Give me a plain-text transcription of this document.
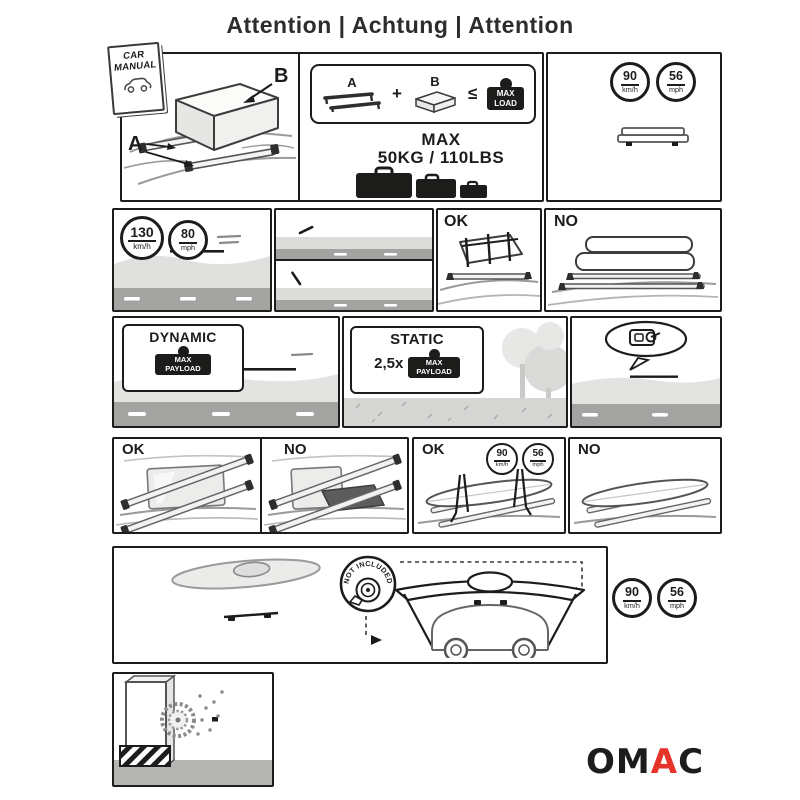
Attention | Achtung | Attention
CAR
MANUAL	B
A
A
+
B
≤	MAX
LOAD
MAX
50KG / 110LBS
90
km/h
56
mph
130
km/h
80
mph
OK	NO
DYNAMIC
MAX
PAYLOAD
STATIC
2,5x	MAX
PAYLOAD
OK	NO	OK	90
km/h
56
mph
NO
NOT INCLUDED
90
km/h
56
mph
OMAC
